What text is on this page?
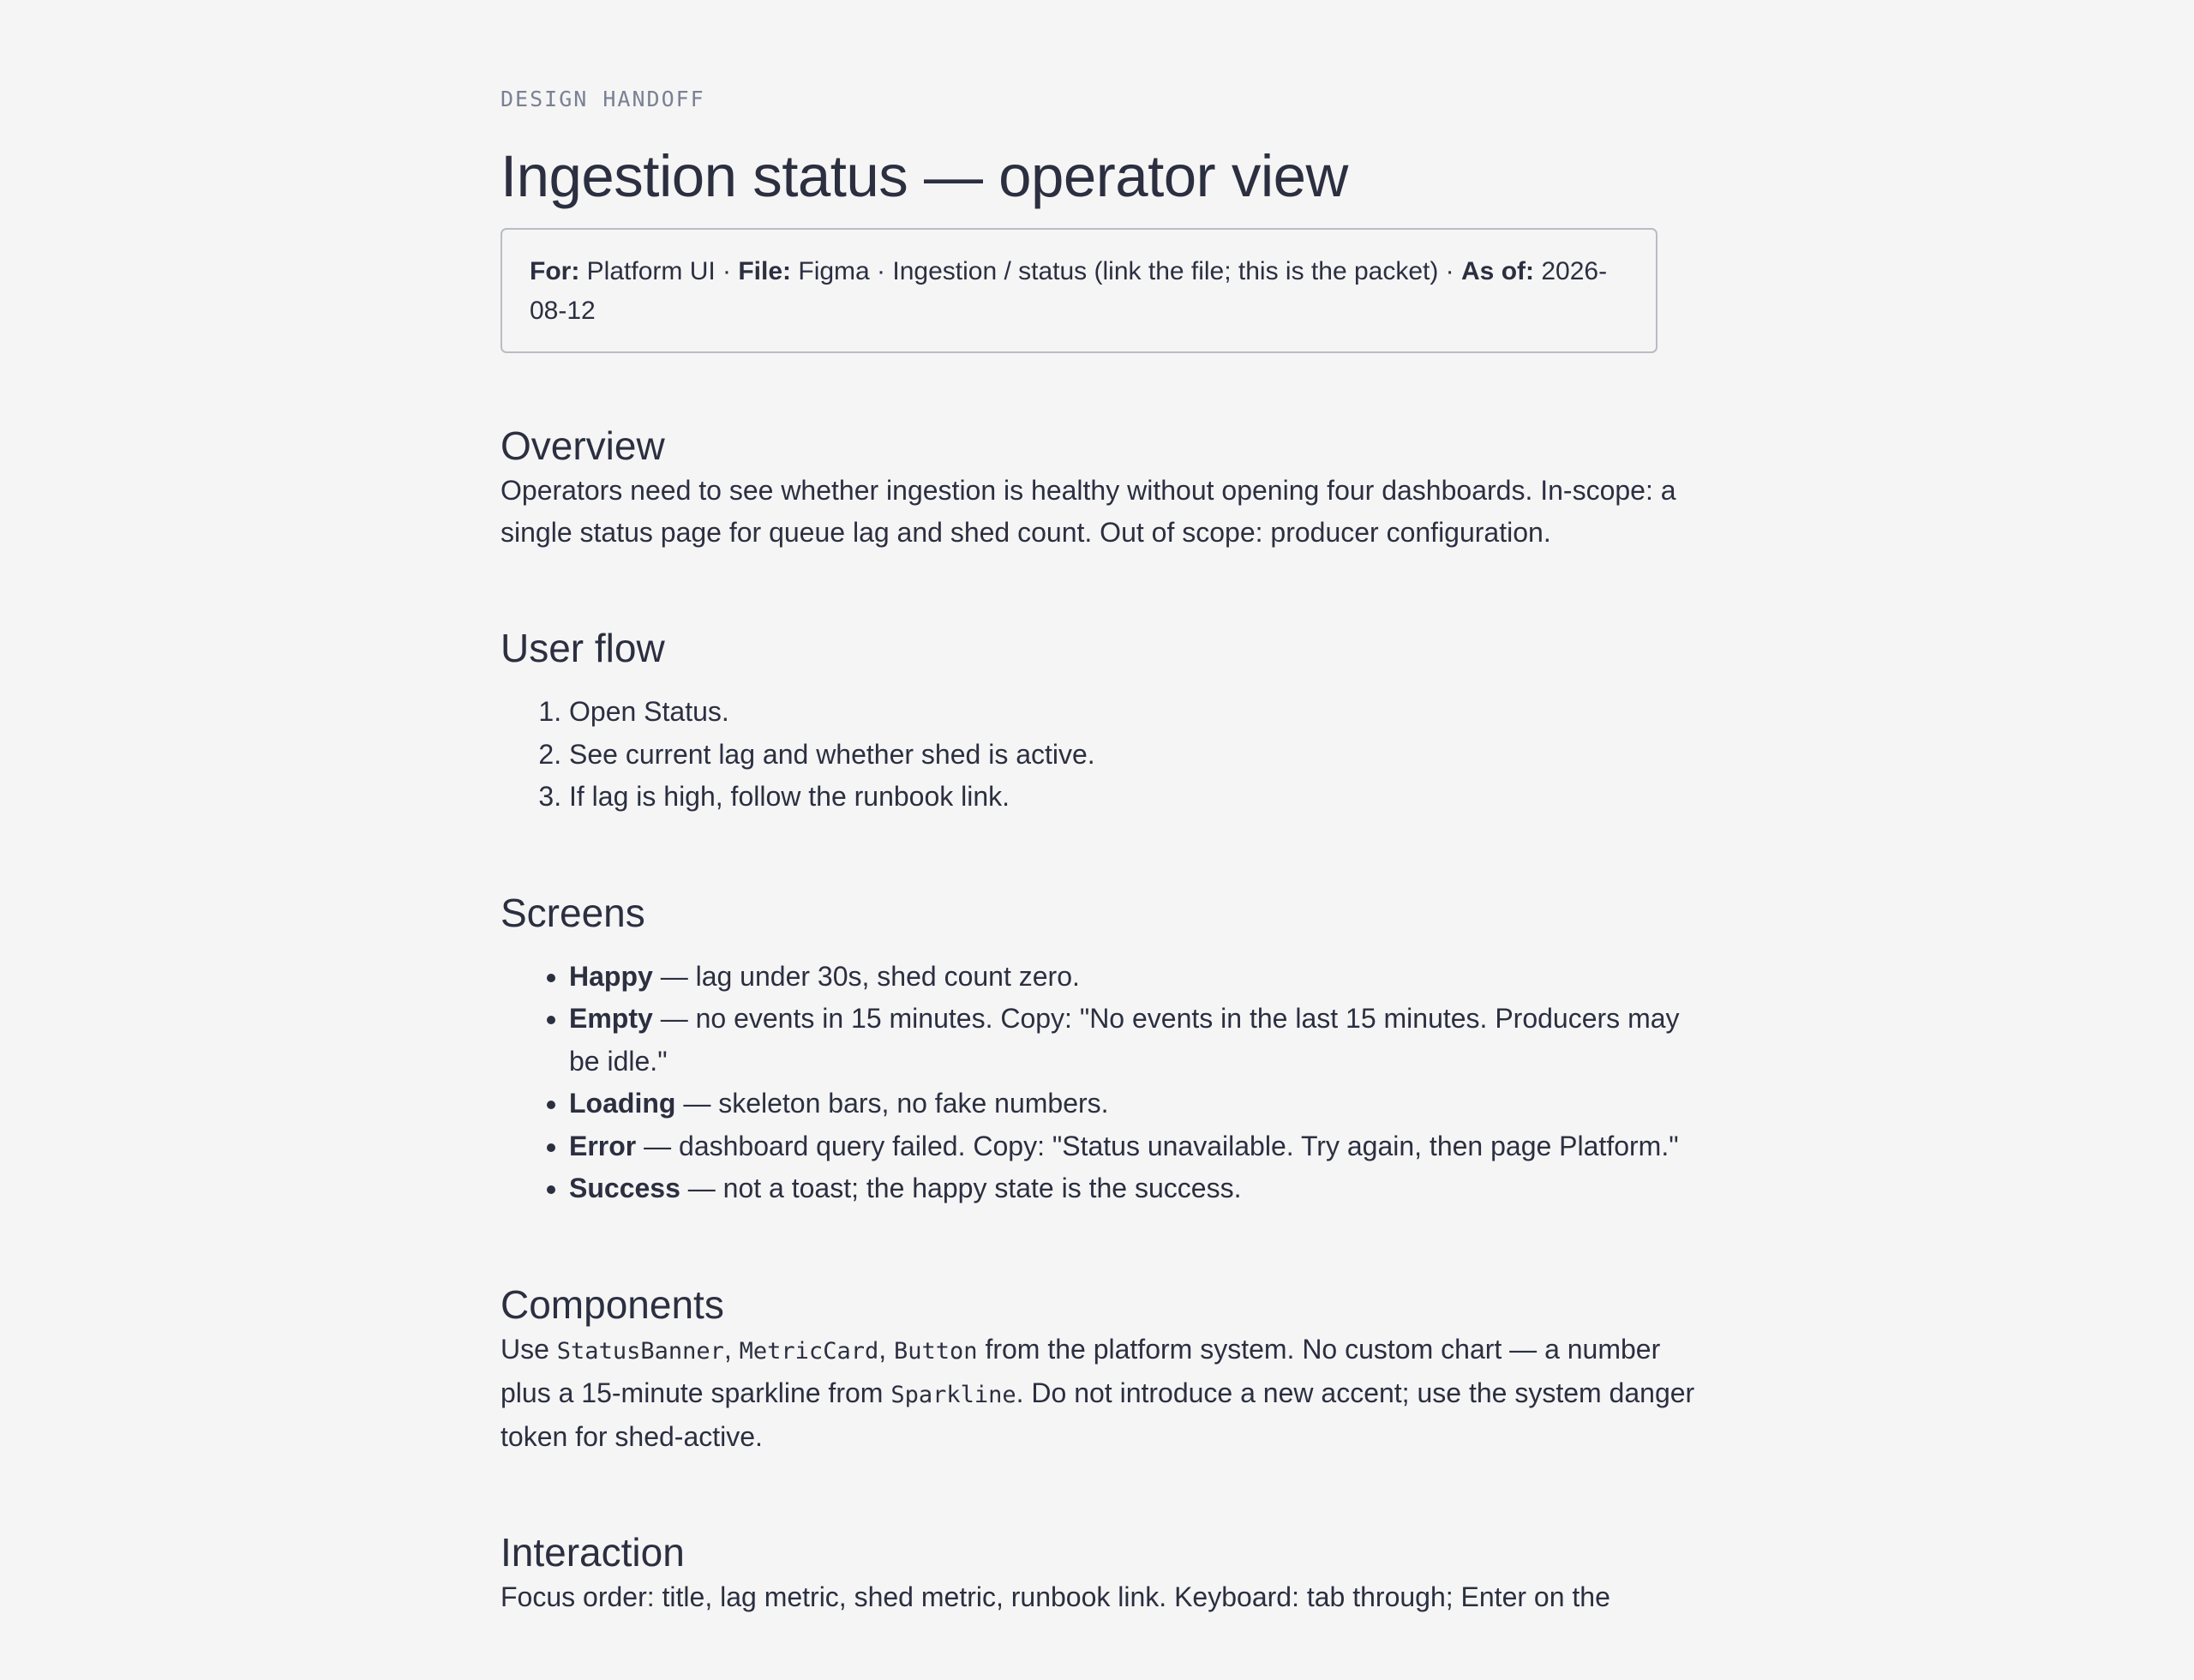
DESIGN HANDOFF
Ingestion status — operator view
For: Platform UI · File: Figma · Ingestion / status (link the file; this is the packet) · As of: 2026-08-12
Overview

Operators need to see whether ingestion is healthy without opening four dashboards. In-scope: a single status page for queue lag and shed count. Out of scope: producer configuration.

User flow
1. Open Status.
2. See current lag and whether shed is active.
3. If lag is high, follow the runbook link.
Screens
• Happy — lag under 30s, shed count zero.
• Empty — no events in 15 minutes. Copy: "No events in the last 15 minutes. Producers may be idle."
• Loading — skeleton bars, no fake numbers.
• Error — dashboard query failed. Copy: "Status unavailable. Try again, then page Platform."
• Success — not a toast; the happy state is the success.
Components

Use StatusBanner, MetricCard, Button from the platform system. No custom chart — a number plus a 15-minute sparkline from Sparkline. Do not introduce a new accent; use the system danger token for shed-active.

Interaction

Focus order: title, lag metric, shed metric, runbook link. Keyboard: tab through; Enter on the
